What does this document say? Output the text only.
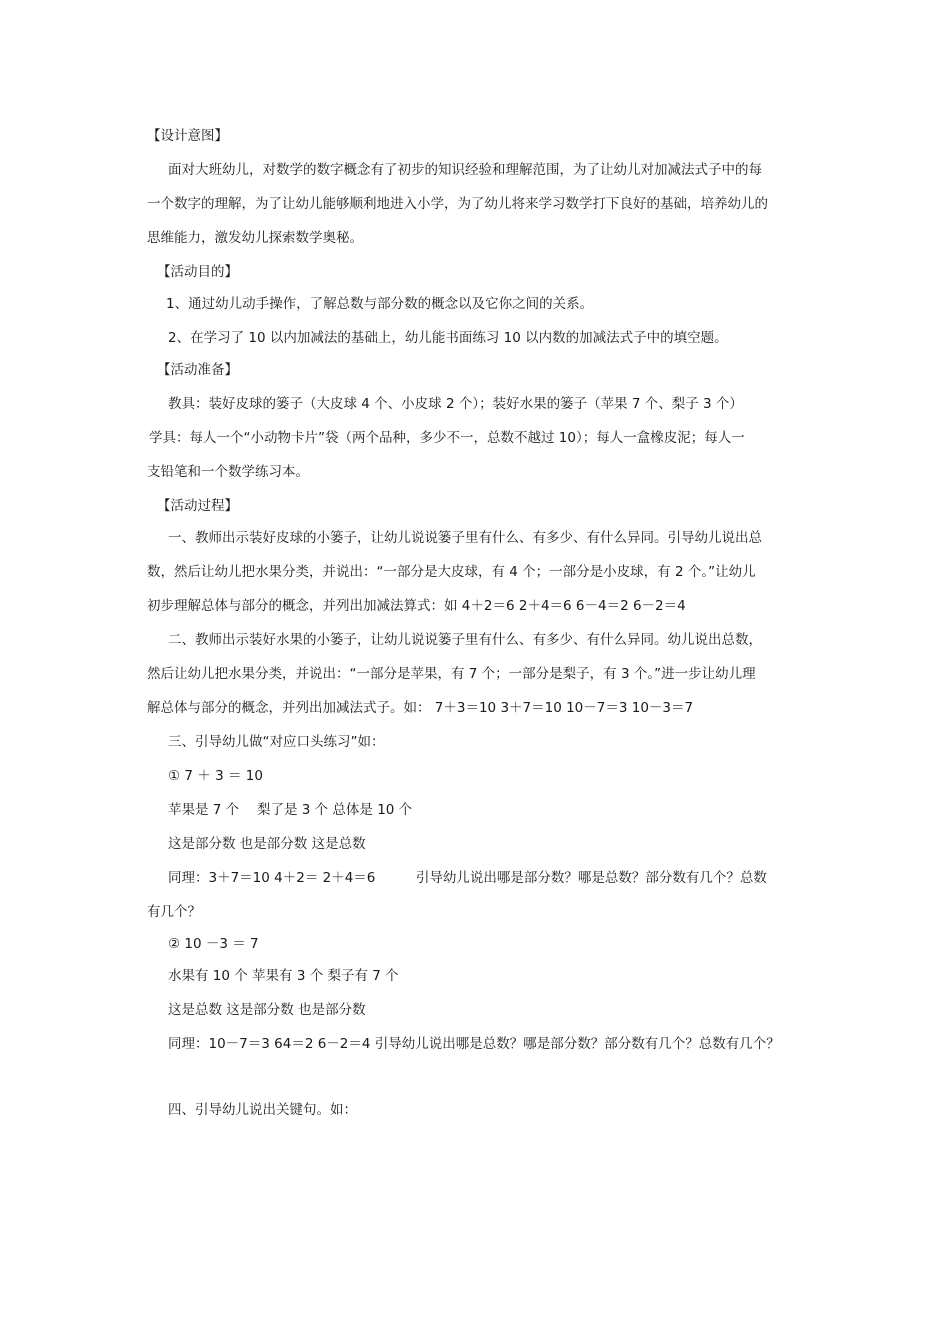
【设计意图】
面对大班幼儿，对数学的数字概念有了初步的知识经验和理解范围，为了让幼儿对加减法式子中的每
一个数字的理解，为了让幼儿能够顺利地进入小学，为了幼儿将来学习数学打下良好的基础，培养幼儿的
思维能力，激发幼儿探索数学奥秘。
【活动目的】
1、通过幼儿动手操作，了解总数与部分数的概念以及它你之间的关系。
2、在学习了 10 以内加减法的基础上，幼儿能书面练习 10 以内数的加减法式子中的填空题。
【活动准备】
教具：装好皮球的篓子（大皮球 4 个、小皮球 2 个）；装好水果的篓子（苹果 7 个、梨子 3 个）
学具：每人一个“小动物卡片”袋（两个品种，多少不一，总数不越过 10）；每人一盒橡皮泥；每人一
支铅笔和一个数学练习本。
【活动过程】
一、教师出示装好皮球的小篓子，让幼儿说说篓子里有什么、有多少、有什么异同。引导幼儿说出总
数，然后让幼儿把水果分类，并说出：“一部分是大皮球，有 4 个；一部分是小皮球，有 2 个。”让幼儿
初步理解总体与部分的概念，并列出加减法算式：如 4＋2＝6 2＋4＝6 6－4＝2 6－2＝4
二、教师出示装好水果的小篓子，让幼儿说说篓子里有什么、有多少、有什么异同。幼儿说出总数，
然后让幼儿把水果分类，并说出：“一部分是苹果，有 7 个；一部分是梨子，有 3 个。”进一步让幼儿理
解总体与部分的概念，并列出加减法式子。如： 7＋3＝10 3＋7＝10 10－7＝3 10－3＝7
三、引导幼儿做“对应口头练习”如：
① 7 ＋ 3 ＝ 10
苹果是 7 个　 梨了是 3 个 总体是 10 个
这是部分数 也是部分数 这是总数
同理：3＋7＝10 4＋2＝ 2＋4＝6　　　引导幼儿说出哪是部分数？哪是总数？部分数有几个？总数
有几个？
② 10 －3 ＝ 7
水果有 10 个 苹果有 3 个 梨子有 7 个
这是总数 这是部分数 也是部分数
同理：10－7＝3 64＝2 6－2＝4 引导幼儿说出哪是总数？哪是部分数？部分数有几个？总数有几个？
四、引导幼儿说出关键句。如：
